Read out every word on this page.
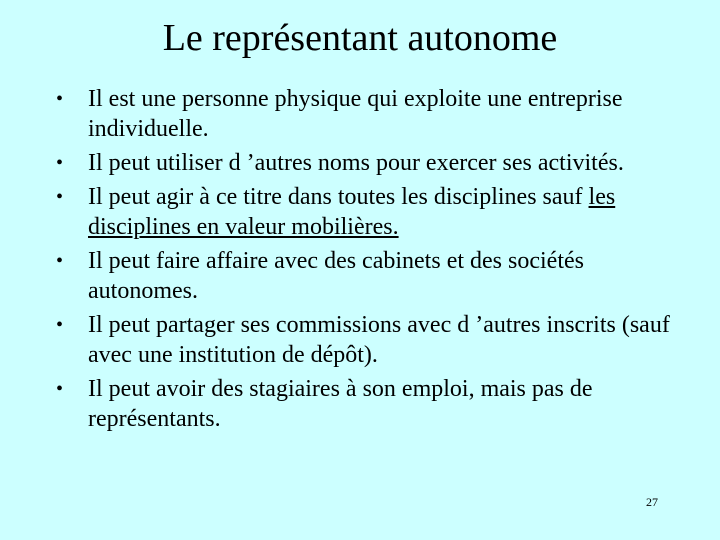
Le représentant autonome
•	Il est une personne physique qui exploite une entreprise individuelle.
•	Il peut utiliser d ’autres noms pour exercer ses activités.
•	Il peut agir à ce titre dans toutes les disciplines sauf les disciplines en valeur mobilières.
•	Il peut faire affaire avec des cabinets et des sociétés autonomes.
•	Il peut partager ses commissions avec d ’autres inscrits (sauf avec une institution de dépôt).
•	Il peut avoir des stagiaires à son emploi, mais pas de représentants.
27
